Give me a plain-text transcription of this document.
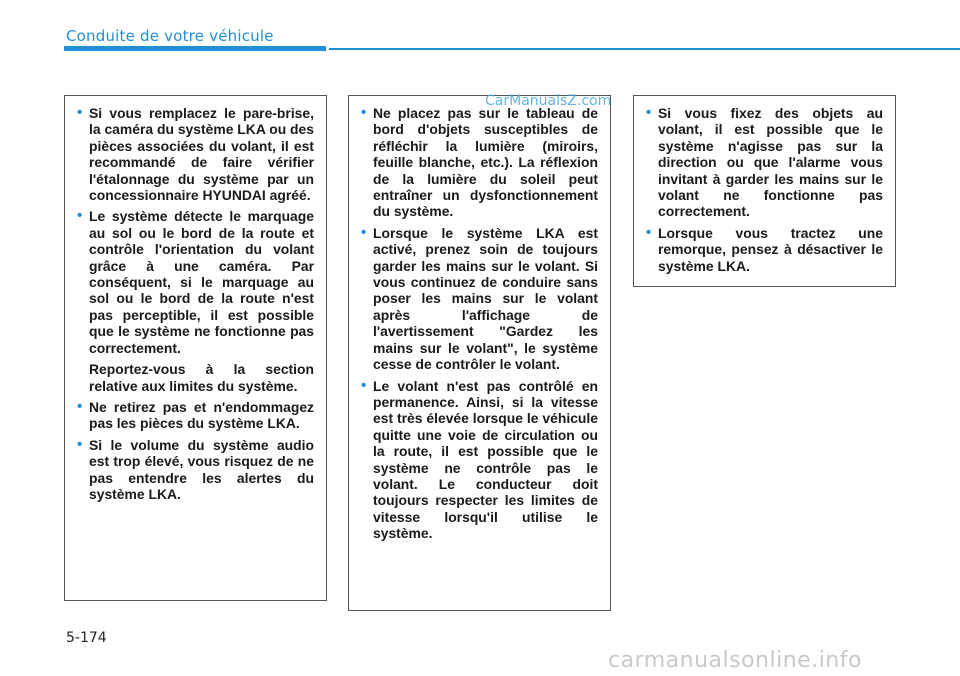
Conduite de votre véhicule
• Si vous remplacez le pare-brise, la caméra du système LKA ou des pièces associées du volant, il est recommandé de faire vérifier l'étalonnage du système par un concessionnaire HYUNDAI agréé.
• Le système détecte le marquage au sol ou le bord de la route et contrôle l'orientation du volant grâce à une caméra. Par conséquent, si le marquage au sol ou le bord de la route n'est pas perceptible, il est possible que le système ne fonctionne pas correctement.

Reportez-vous à la section relative aux limites du système.

• Ne retirez pas et n'endommagez pas les pièces du système LKA.
• Si le volume du système audio est trop élevé, vous risquez de ne pas entendre les alertes du système LKA.
• Ne placez pas sur le tableau de bord d'objets susceptibles de réfléchir la lumière (miroirs, feuille blanche, etc.). La réflexion de la lumière du soleil peut entraîner un dysfonctionnement du système.
• Lorsque le système LKA est activé, prenez soin de toujours garder les mains sur le volant. Si vous continuez de conduire sans poser les mains sur le volant après l'affichage de l'avertissement "Gardez les mains sur le volant", le système cesse de contrôler le volant.
• Le volant n'est pas contrôlé en permanence. Ainsi, si la vitesse est très élevée lorsque le véhicule quitte une voie de circulation ou la route, il est possible que le système ne contrôle pas le volant. Le conducteur doit toujours respecter les limites de vitesse lorsqu'il utilise le système.
• Si vous fixez des objets au volant, il est possible que le système n'agisse pas sur la direction ou que l'alarme vous invitant à garder les mains sur le volant ne fonctionne pas correctement.
• Lorsque vous tractez une remorque, pensez à désactiver le système LKA.
CarManualsZ.com
5-174
carmanualsonline.info
